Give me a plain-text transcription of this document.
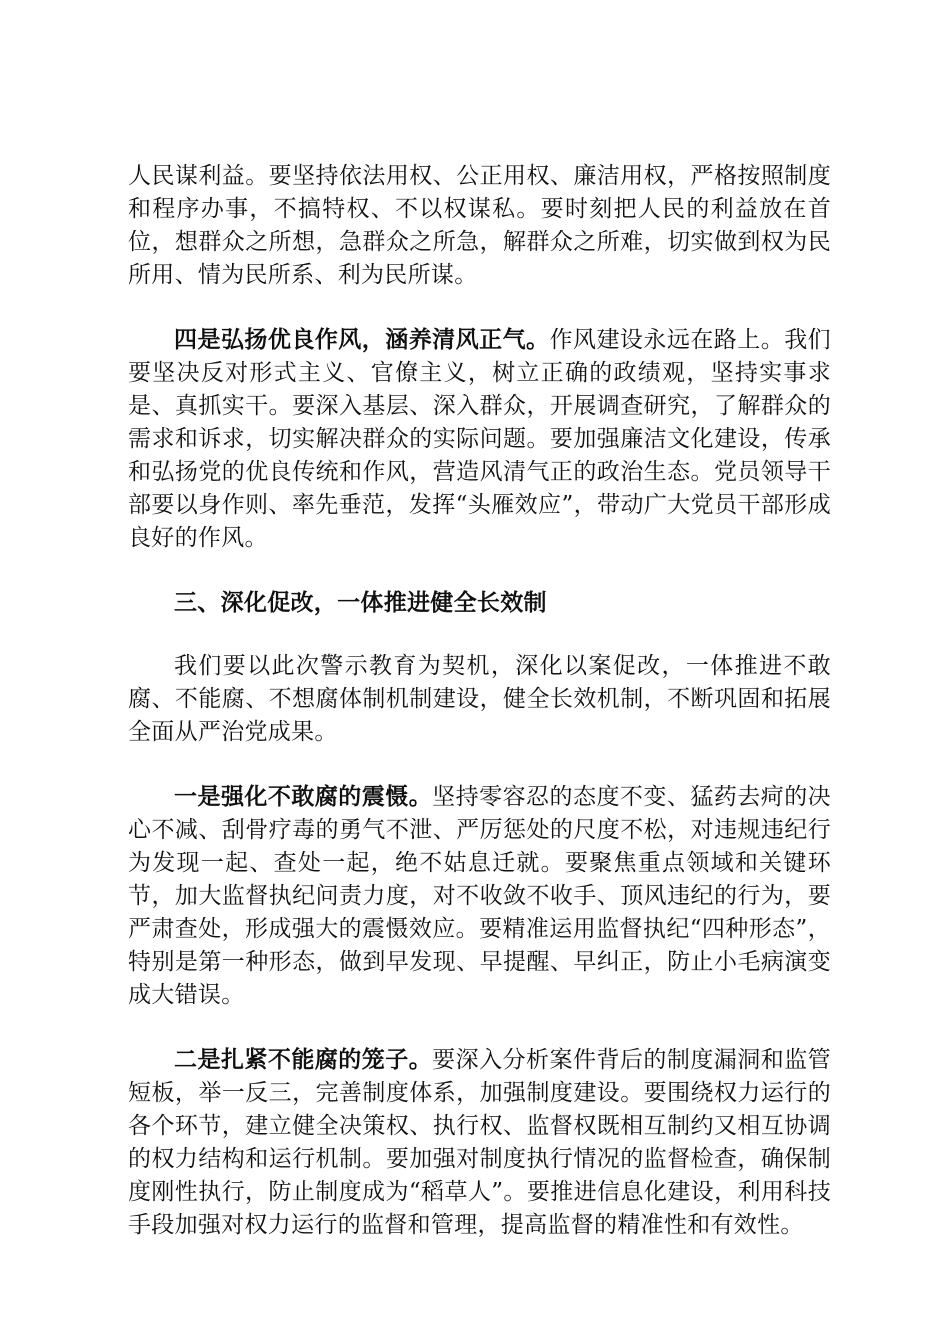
人民谋利益。要坚持依法用权、公正用权、廉洁用权，严格按照制度和程序办事，不搞特权、不以权谋私。要时刻把人民的利益放在首位，想群众之所想，急群众之所急，解群众之所难，切实做到权为民所用、情为民所系、利为民所谋。

四是弘扬优良作风，涵养清风正气。作风建设永远在路上。我们要坚决反对形式主义、官僚主义，树立正确的政绩观，坚持实事求是、真抓实干。要深入基层、深入群众，开展调查研究，了解群众的需求和诉求，切实解决群众的实际问题。要加强廉洁文化建设，传承和弘扬党的优良传统和作风，营造风清气正的政治生态。党员领导干部要以身作则、率先垂范，发挥“头雁效应”，带动广大党员干部形成良好的作风。

三、深化促改，一体推进健全长效制

我们要以此次警示教育为契机，深化以案促改，一体推进不敢腐、不能腐、不想腐体制机制建设，健全长效机制，不断巩固和拓展全面从严治党成果。

一是强化不敢腐的震慑。坚持零容忍的态度不变、猛药去疴的决心不减、刮骨疗毒的勇气不泄、严厉惩处的尺度不松，对违规违纪行为发现一起、查处一起，绝不姑息迁就。要聚焦重点领域和关键环节，加大监督执纪问责力度，对不收敛不收手、顶风违纪的行为，要严肃查处，形成强大的震慑效应。要精准运用监督执纪“四种形态”，特别是第一种形态，做到早发现、早提醒、早纠正，防止小毛病演变成大错误。

二是扎紧不能腐的笼子。要深入分析案件背后的制度漏洞和监管短板，举一反三，完善制度体系，加强制度建设。要围绕权力运行的各个环节，建立健全决策权、执行权、监督权既相互制约又相互协调的权力结构和运行机制。要加强对制度执行情况的监督检查，确保制度刚性执行，防止制度成为“稻草人”。要推进信息化建设，利用科技手段加强对权力运行的监督和管理，提高监督的精准性和有效性。
